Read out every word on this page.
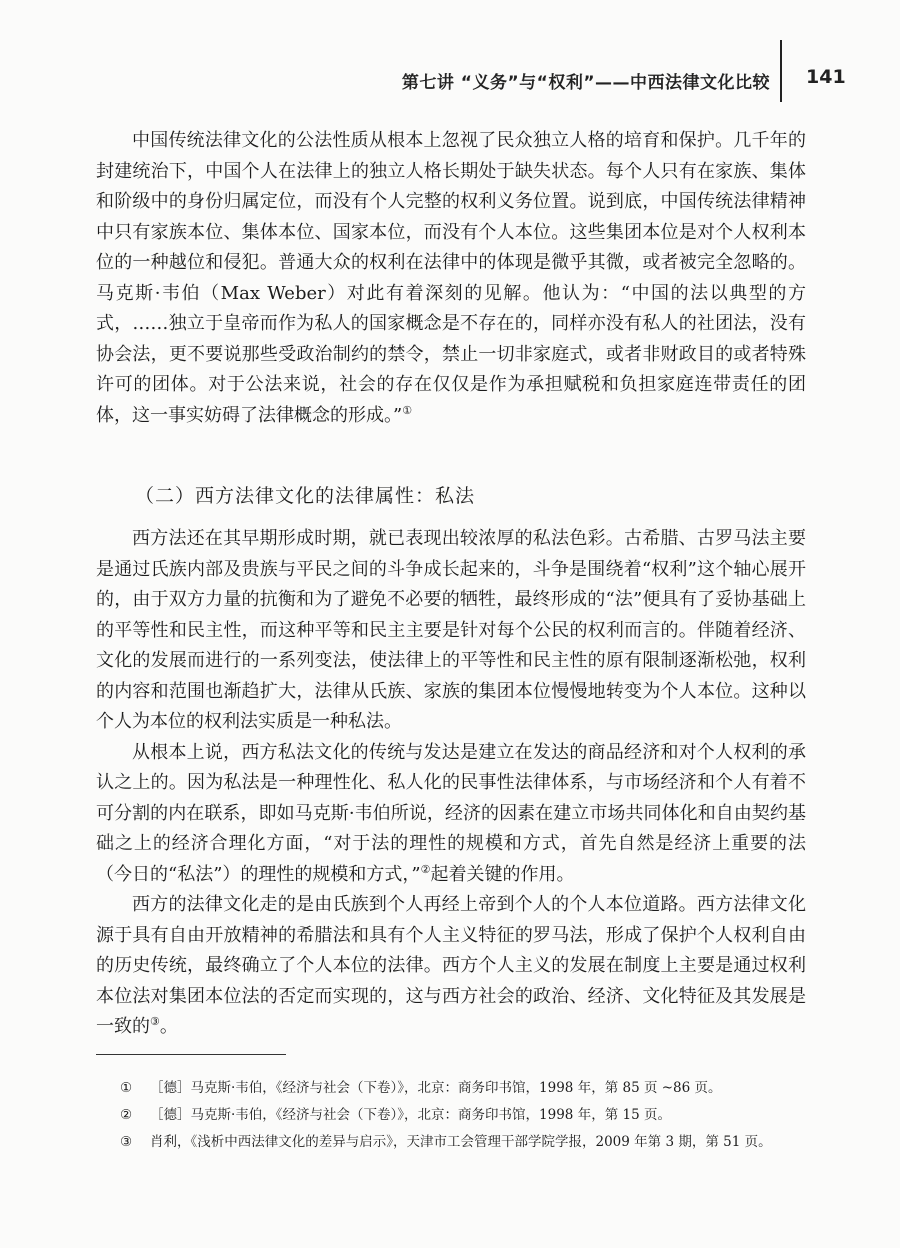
第七讲 “义务”与“权利”——中西法律文化比较 141

中国传统法律文化的公法性质从根本上忽视了民众独立人格的培育和保护。几千年的封建统治下，中国个人在法律上的独立人格长期处于缺失状态。每个人只有在家族、集体和阶级中的身份归属定位，而没有个人完整的权利义务位置。说到底，中国传统法律精神中只有家族本位、集体本位、国家本位，而没有个人本位。这些集团本位是对个人权利本位的一种越位和侵犯。普通大众的权利在法律中的体现是微乎其微，或者被完全忽略的。马克斯·韦伯（Max Weber）对此有着深刻的见解。他认为：“中国的法以典型的方式，……独立于皇帝而作为私人的国家概念是不存在的，同样亦没有私人的社团法，没有协会法，更不要说那些受政治制约的禁令，禁止一切非家庭式，或者非财政目的或者特殊许可的团体。对于公法来说，社会的存在仅仅是作为承担赋税和负担家庭连带责任的团体，这一事实妨碍了法律概念的形成。”①

（二）西方法律文化的法律属性：私法

西方法还在其早期形成时期，就已表现出较浓厚的私法色彩。古希腊、古罗马法主要是通过氏族内部及贵族与平民之间的斗争成长起来的，斗争是围绕着“权利”这个轴心展开的，由于双方力量的抗衡和为了避免不必要的牺牲，最终形成的“法”便具有了妥协基础上的平等性和民主性，而这种平等和民主主要是针对每个公民的权利而言的。伴随着经济、文化的发展而进行的一系列变法，使法律上的平等性和民主性的原有限制逐渐松弛，权利的内容和范围也渐趋扩大，法律从氏族、家族的集团本位慢慢地转变为个人本位。这种以个人为本位的权利法实质是一种私法。

从根本上说，西方私法文化的传统与发达是建立在发达的商品经济和对个人权利的承认之上的。因为私法是一种理性化、私人化的民事性法律体系，与市场经济和个人有着不可分割的内在联系，即如马克斯·韦伯所说，经济的因素在建立市场共同体化和自由契约基础之上的经济合理化方面，“对于法的理性的规模和方式，首先自然是经济上重要的法（今日的“私法”）的理性的规模和方式，”②起着关键的作用。

西方的法律文化走的是由氏族到个人再经上帝到个人的个人本位道路。西方法律文化源于具有自由开放精神的希腊法和具有个人主义特征的罗马法，形成了保护个人权利自由的历史传统，最终确立了个人本位的法律。西方个人主义的发展在制度上主要是通过权利本位法对集团本位法的否定而实现的，这与西方社会的政治、经济、文化特征及其发展是一致的③。

① ［德］马克斯·韦伯，《经济与社会（下卷）》，北京：商务印书馆，1998 年，第 85 页 ~86 页。

② ［德］马克斯·韦伯，《经济与社会（下卷）》，北京：商务印书馆，1998 年，第 15 页。

③ 肖利，《浅析中西法律文化的差异与启示》，天津市工会管理干部学院学报，2009 年第 3 期，第 51 页。
